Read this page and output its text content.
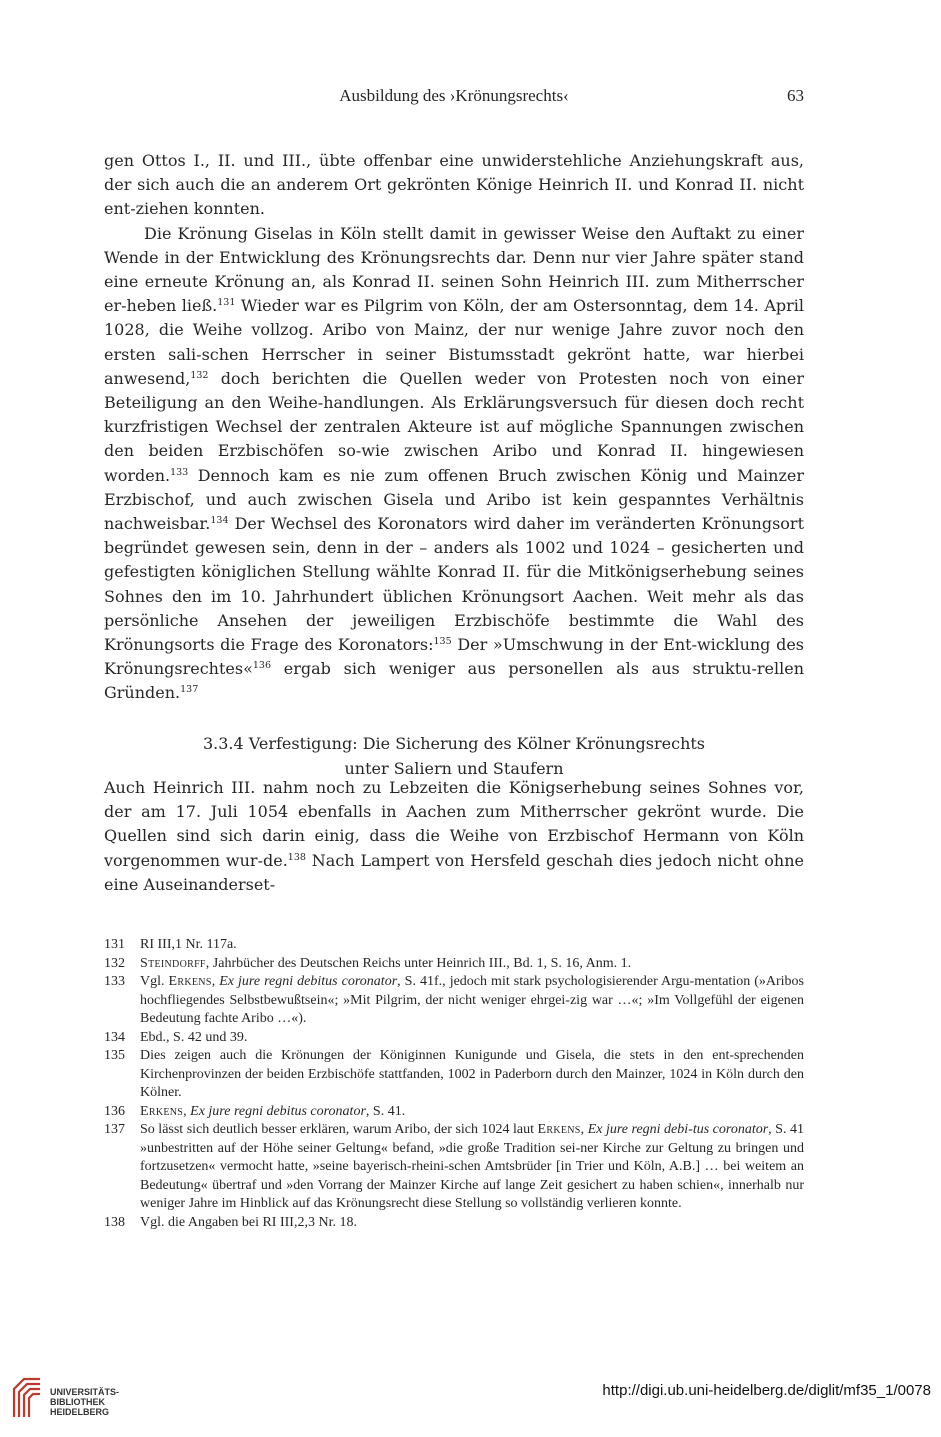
Ausbildung des ›Krönungsrechts‹	63

gen Ottos I., II. und III., übte offenbar eine unwiderstehliche Anziehungskraft aus, der sich auch die an anderem Ort gekrönten Könige Heinrich II. und Konrad II. nicht ent-ziehen konnten.

Die Krönung Giselas in Köln stellt damit in gewisser Weise den Auftakt zu einer Wende in der Entwicklung des Krönungsrechts dar. Denn nur vier Jahre später stand eine erneute Krönung an, als Konrad II. seinen Sohn Heinrich III. zum Mitherrscher er-heben ließ.$^{131}$ Wieder war es Pilgrim von Köln, der am Ostersonntag, dem 14. April 1028, die Weihe vollzog. Aribo von Mainz, der nur wenige Jahre zuvor noch den ersten sali-schen Herrscher in seiner Bistumsstadt gekrönt hatte, war hierbei anwesend,$^{132}$ doch berichten die Quellen weder von Protesten noch von einer Beteiligung an den Weihe-handlungen. Als Erklärungsversuch für diesen doch recht kurzfristigen Wechsel der zentralen Akteure ist auf mögliche Spannungen zwischen den beiden Erzbischöfen so-wie zwischen Aribo und Konrad II. hingewiesen worden.$^{133}$ Dennoch kam es nie zum offenen Bruch zwischen König und Mainzer Erzbischof, und auch zwischen Gisela und Aribo ist kein gespanntes Verhältnis nachweisbar.$^{134}$ Der Wechsel des Koronators wird daher im veränderten Krönungsort begründet gewesen sein, denn in der – anders als 1002 und 1024 – gesicherten und gefestigten königlichen Stellung wählte Konrad II. für die Mitkönigserhebung seines Sohnes den im 10. Jahrhundert üblichen Krönungsort Aachen. Weit mehr als das persönliche Ansehen der jeweiligen Erzbischöfe bestimmte die Wahl des Krönungsorts die Frage des Koronators:$^{135}$ Der »Umschwung in der Ent-wicklung des Krönungsrechtes«$^{136}$ ergab sich weniger aus personellen als aus struktu-rellen Gründen.$^{137}$

3.3.4 Verfestigung: Die Sicherung des Kölner Krönungsrechts
unter Saliern und Staufern

Auch Heinrich III. nahm noch zu Lebzeiten die Königserhebung seines Sohnes vor, der am 17. Juli 1054 ebenfalls in Aachen zum Mitherrscher gekrönt wurde. Die Quellen sind sich darin einig, dass die Weihe von Erzbischof Hermann von Köln vorgenommen wur-de.$^{138}$ Nach Lampert von Hersfeld geschah dies jedoch nicht ohne eine Auseinanderset-

131 RI III,1 Nr. 117a.
132 Steindorff, Jahrbücher des Deutschen Reichs unter Heinrich III., Bd. 1, S. 16, Anm. 1.
133 Vgl. Erkens, Ex jure regni debitus coronator, S. 41f., jedoch mit stark psychologisierender Argu-mentation (»Aribos hochfliegendes Selbstbewußtsein«; »Mit Pilgrim, der nicht weniger ehrgei-zig war …«; »Im Vollgefühl der eigenen Bedeutung fachte Aribo …«).
134 Ebd., S. 42 und 39.
135 Dies zeigen auch die Krönungen der Königinnen Kunigunde und Gisela, die stets in den ent-sprechenden Kirchenprovinzen der beiden Erzbischöfe stattfanden, 1002 in Paderborn durch den Mainzer, 1024 in Köln durch den Kölner.
136 Erkens, Ex jure regni debitus coronator, S. 41.
137 So lässt sich deutlich besser erklären, warum Aribo, der sich 1024 laut Erkens, Ex jure regni debi-tus coronator, S. 41 »unbestritten auf der Höhe seiner Geltung« befand, »die große Tradition sei-ner Kirche zur Geltung zu bringen und fortzusetzen« vermocht hatte, »seine bayerisch-rheini-schen Amtsbrüder [in Trier und Köln, A.B.] … bei weitem an Bedeutung« übertraf und »den Vorrang der Mainzer Kirche auf lange Zeit gesichert zu haben schien«, innerhalb nur weniger Jahre im Hinblick auf das Krönungsrecht diese Stellung so vollständig verlieren konnte.
138 Vgl. die Angaben bei RI III,2,3 Nr. 18.
UNIVERSITÄTS-
BIBLIOTHEK
HEIDELBERG
http://digi.ub.uni-heidelberg.de/diglit/mf35_1/0078
